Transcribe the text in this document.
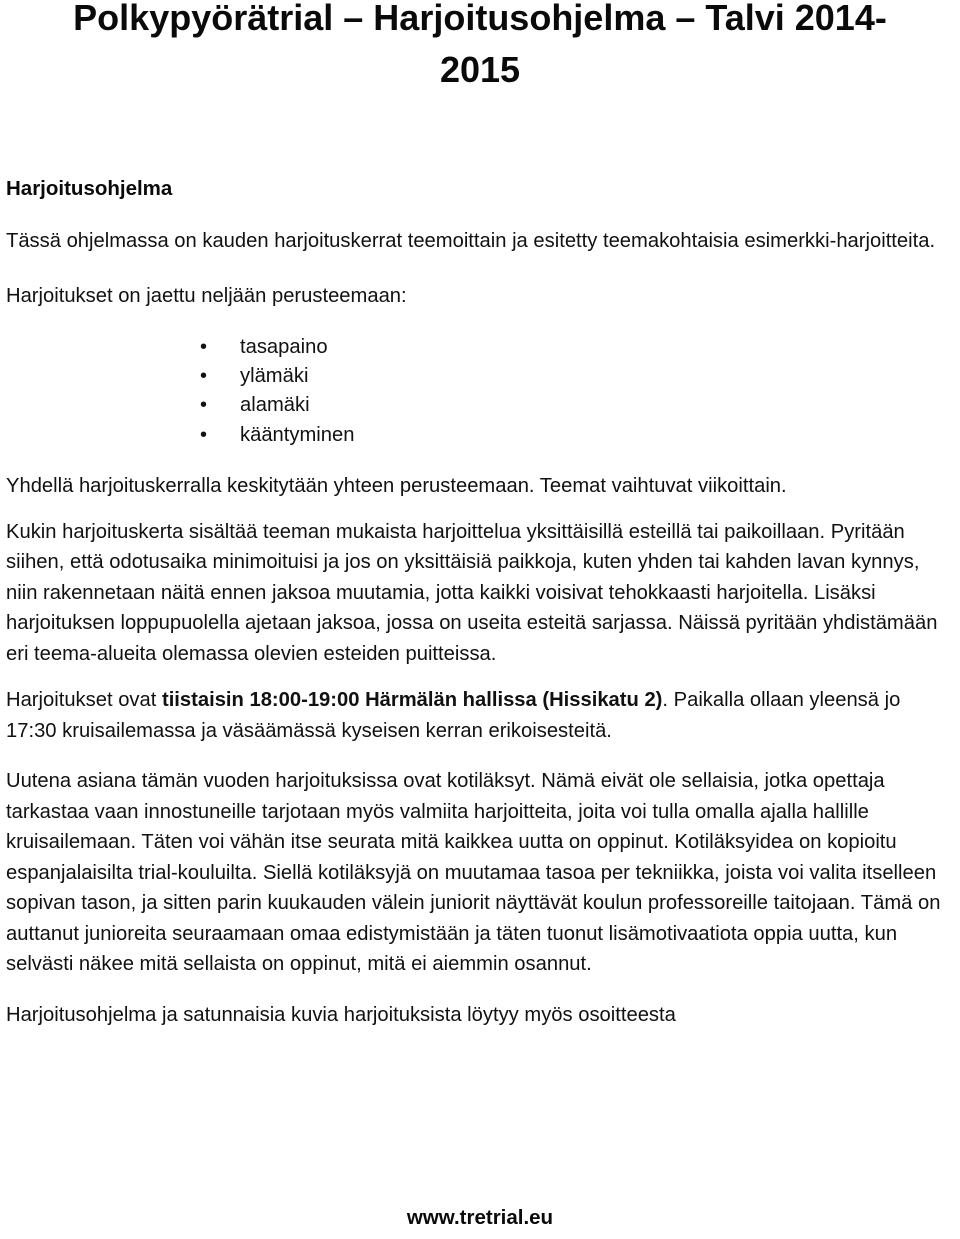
Polkypyörätrial – Harjoitusohjelma – Talvi 2014-
2015
Harjoitusohjelma

Tässä ohjelmassa on kauden harjoituskerrat teemoittain ja esitetty teemakohtaisia esimerkki-harjoitteita.

Harjoitukset on jaettu neljään perusteemaan:

• tasapaino
• ylämäki
• alamäki
• kääntyminen

Yhdellä harjoituskerralla keskitytään yhteen perusteemaan. Teemat vaihtuvat viikoittain.

Kukin harjoituskerta sisältää teeman mukaista harjoittelua yksittäisillä esteillä tai paikoillaan. Pyritään siihen, että odotusaika minimoituisi ja jos on yksittäisiä paikkoja, kuten yhden tai kahden lavan kynnys, niin rakennetaan näitä ennen jaksoa muutamia, jotta kaikki voisivat tehokkaasti harjoitella. Lisäksi harjoituksen loppupuolella ajetaan jaksoa, jossa on useita esteitä sarjassa. Näissä pyritään yhdistämään eri teema-alueita olemassa olevien esteiden puitteissa.

Harjoitukset ovat tiistaisin 18:00-19:00 Härmälän hallissa (Hissikatu 2). Paikalla ollaan yleensä jo 17:30 kruisailemassa ja väsäämässä kyseisen kerran erikoisesteitä.

Uutena asiana tämän vuoden harjoituksissa ovat kotiläksyt. Nämä eivät ole sellaisia, jotka opettaja tarkastaa vaan innostuneille tarjotaan myös valmiita harjoitteita, joita voi tulla omalla ajalla hallille kruisailemaan. Täten voi vähän itse seurata mitä kaikkea uutta on oppinut. Kotiläksyidea on kopioitu espanjalaisilta trial-kouluilta. Siellä kotiläksyjä on muutamaa tasoa per tekniikka, joista voi valita itselleen sopivan tason, ja sitten parin kuukauden välein juniorit näyttävät koulun professoreille taitojaan. Tämä on auttanut junioreita seuraamaan omaa edistymistään ja täten tuonut lisämotivaatiota oppia uutta, kun selvästi näkee mitä sellaista on oppinut, mitä ei aiemmin osannut.

Harjoitusohjelma ja satunnaisia kuvia harjoituksista löytyy myös osoitteesta

www.tretrial.eu
